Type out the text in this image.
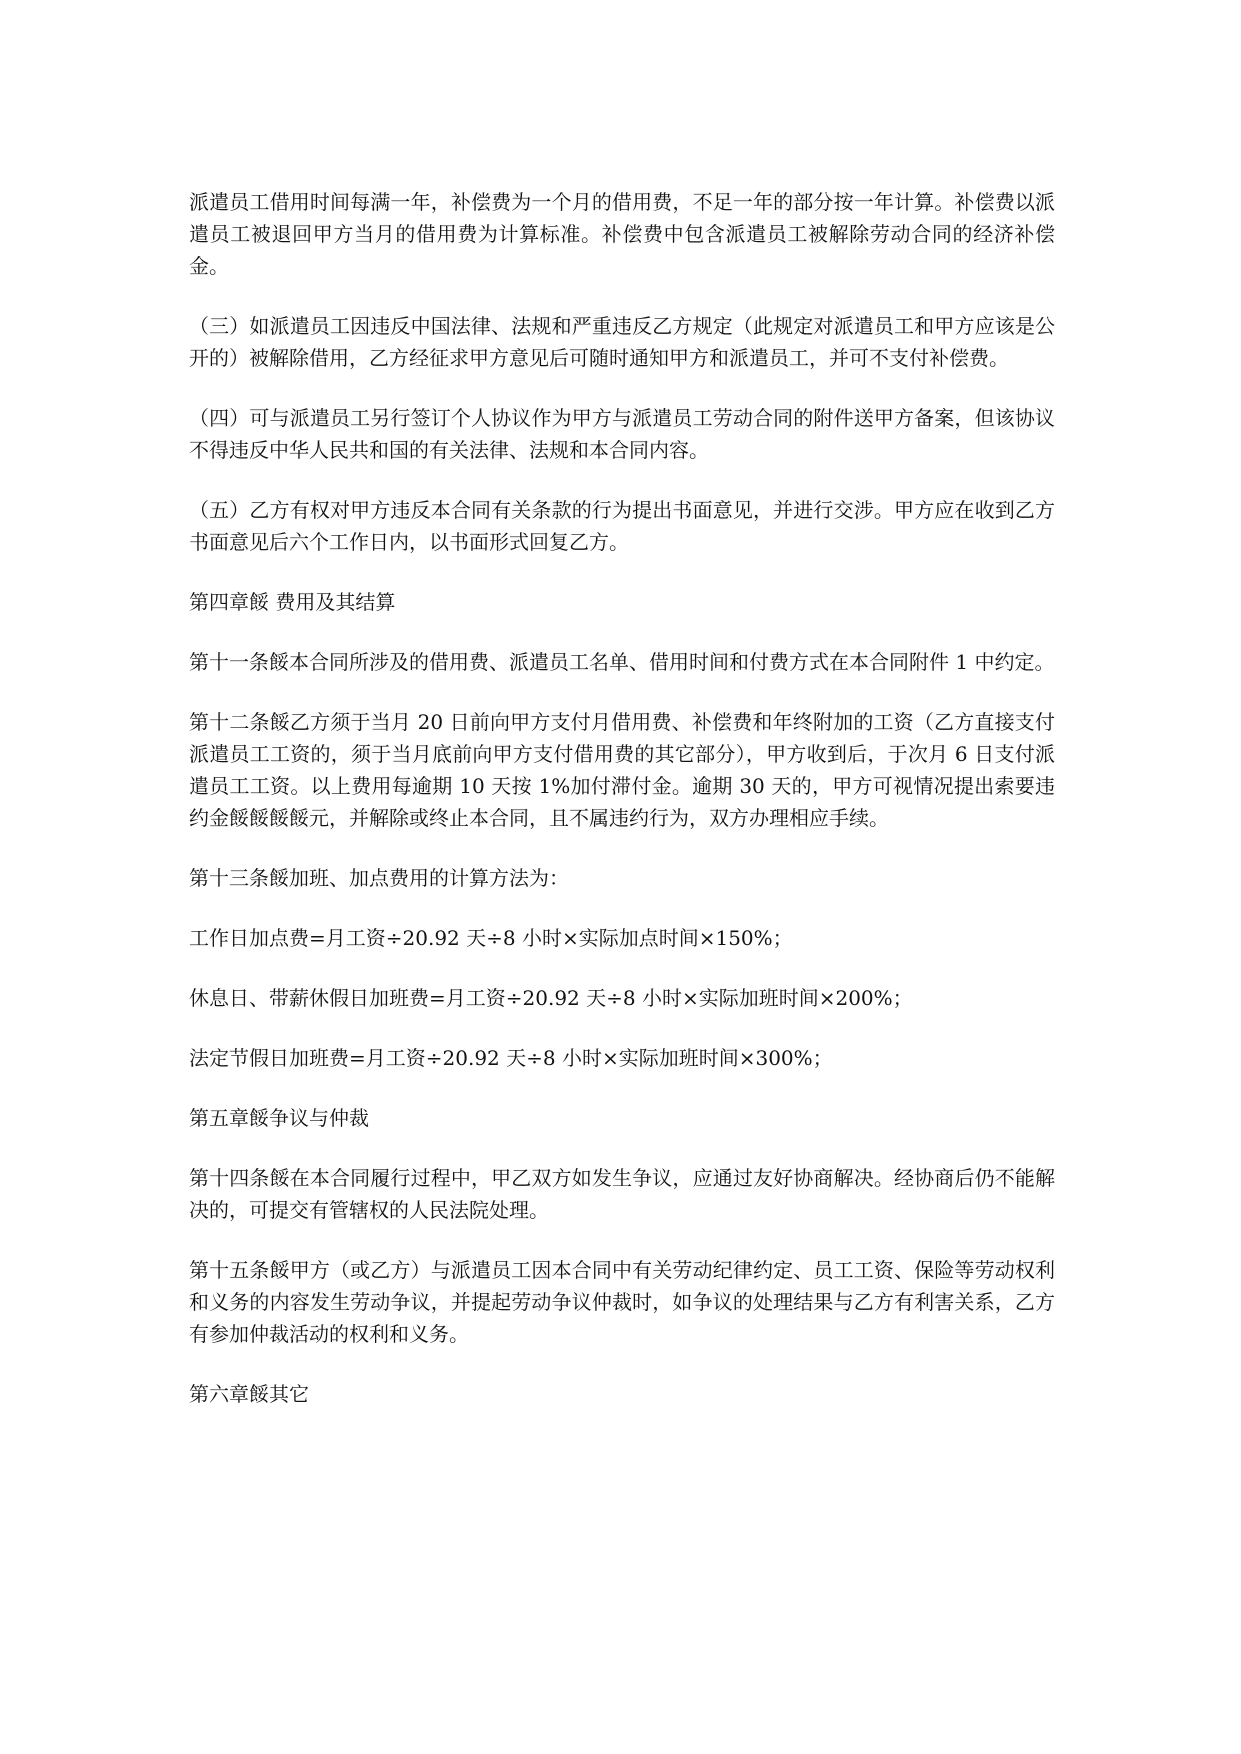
派遣员工借用时间每满一年，补偿费为一个月的借用费，不足一年的部分按一年计算。补偿费以派遣员工被退回甲方当月的借用费为计算标准。补偿费中包含派遣员工被解除劳动合同的经济补偿金。

（三）如派遣员工因违反中国法律、法规和严重违反乙方规定（此规定对派遣员工和甲方应该是公开的）被解除借用，乙方经征求甲方意见后可随时通知甲方和派遣员工，并可不支付补偿费。

（四）可与派遣员工另行签订个人协议作为甲方与派遣员工劳动合同的附件送甲方备案，但该协议不得违反中华人民共和国的有关法律、法规和本合同内容。

（五）乙方有权对甲方违反本合同有关条款的行为提出书面意见，并进行交涉。甲方应在收到乙方书面意见后六个工作日内，以书面形式回复乙方。

第四章餒 费用及其结算

第十一条餒本合同所涉及的借用费、派遣员工名单、借用时间和付费方式在本合同附件 1 中约定。

第十二条餒乙方须于当月 20 日前向甲方支付月借用费、补偿费和年终附加的工资（乙方直接支付派遣员工工资的，须于当月底前向甲方支付借用费的其它部分），甲方收到后，于次月 6 日支付派遣员工工资。以上费用每逾期 10 天按 1%加付滞付金。逾期 30 天的，甲方可视情况提出索要违约金餒餒餒餒元，并解除或终止本合同，且不属违约行为，双方办理相应手续。

第十三条餒加班、加点费用的计算方法为：

工作日加点费=月工资÷20.92 天÷8 小时×实际加点时间×150%；

休息日、带薪休假日加班费=月工资÷20.92 天÷8 小时×实际加班时间×200%；

法定节假日加班费=月工资÷20.92 天÷8 小时×实际加班时间×300%；

第五章餒争议与仲裁

第十四条餒在本合同履行过程中，甲乙双方如发生争议，应通过友好协商解决。经协商后仍不能解决的，可提交有管辖权的人民法院处理。

第十五条餒甲方（或乙方）与派遣员工因本合同中有关劳动纪律约定、员工工资、保险等劳动权利和义务的内容发生劳动争议，并提起劳动争议仲裁时，如争议的处理结果与乙方有利害关系，乙方有参加仲裁活动的权利和义务。

第六章餒其它
